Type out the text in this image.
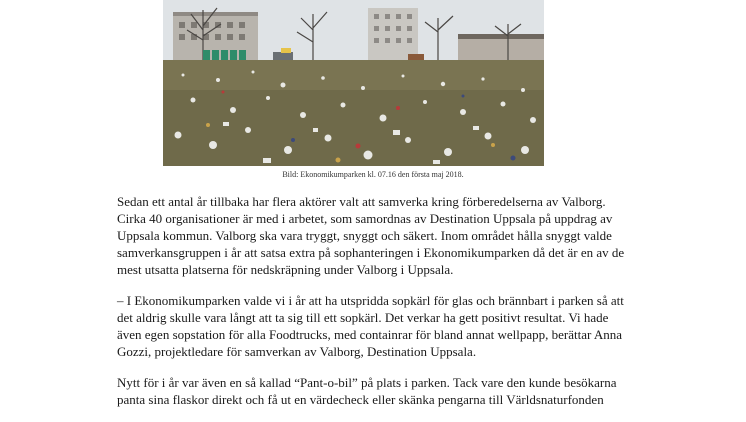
Bild: Ekonomikumparken kl. 07.16 den första maj 2018.

Sedan ett antal år tillbaka har flera aktörer valt att samverka kring förberedelserna av Valborg. Cirka 40 organisationer är med i arbetet, som samordnas av Destination Uppsala på uppdrag av Uppsala kommun. Valborg ska vara tryggt, snyggt och säkert. Inom området hålla snyggt valde samverkansgruppen i år att satsa extra på sophanteringen i Ekonomikumparken då det är en av de mest utsatta platserna för nedskräpning under Valborg i Uppsala.

– I Ekonomikumparken valde vi i år att ha utspridda sopkärl för glas och brännbart i parken så att det aldrig skulle vara långt att ta sig till ett sopkärl. Det verkar ha gett positivt resultat. Vi hade även egen sopstation för alla Foodtrucks, med containrar för bland annat wellpapp, berättar Anna Gozzi, projektledare för samverkan av Valborg, Destination Uppsala.

Nytt för i år var även en så kallad “Pant-o-bil” på plats i parken. Tack vare den kunde besökarna panta sina flaskor direkt och få ut en värdecheck eller skänka pengarna till Världsnaturfonden
